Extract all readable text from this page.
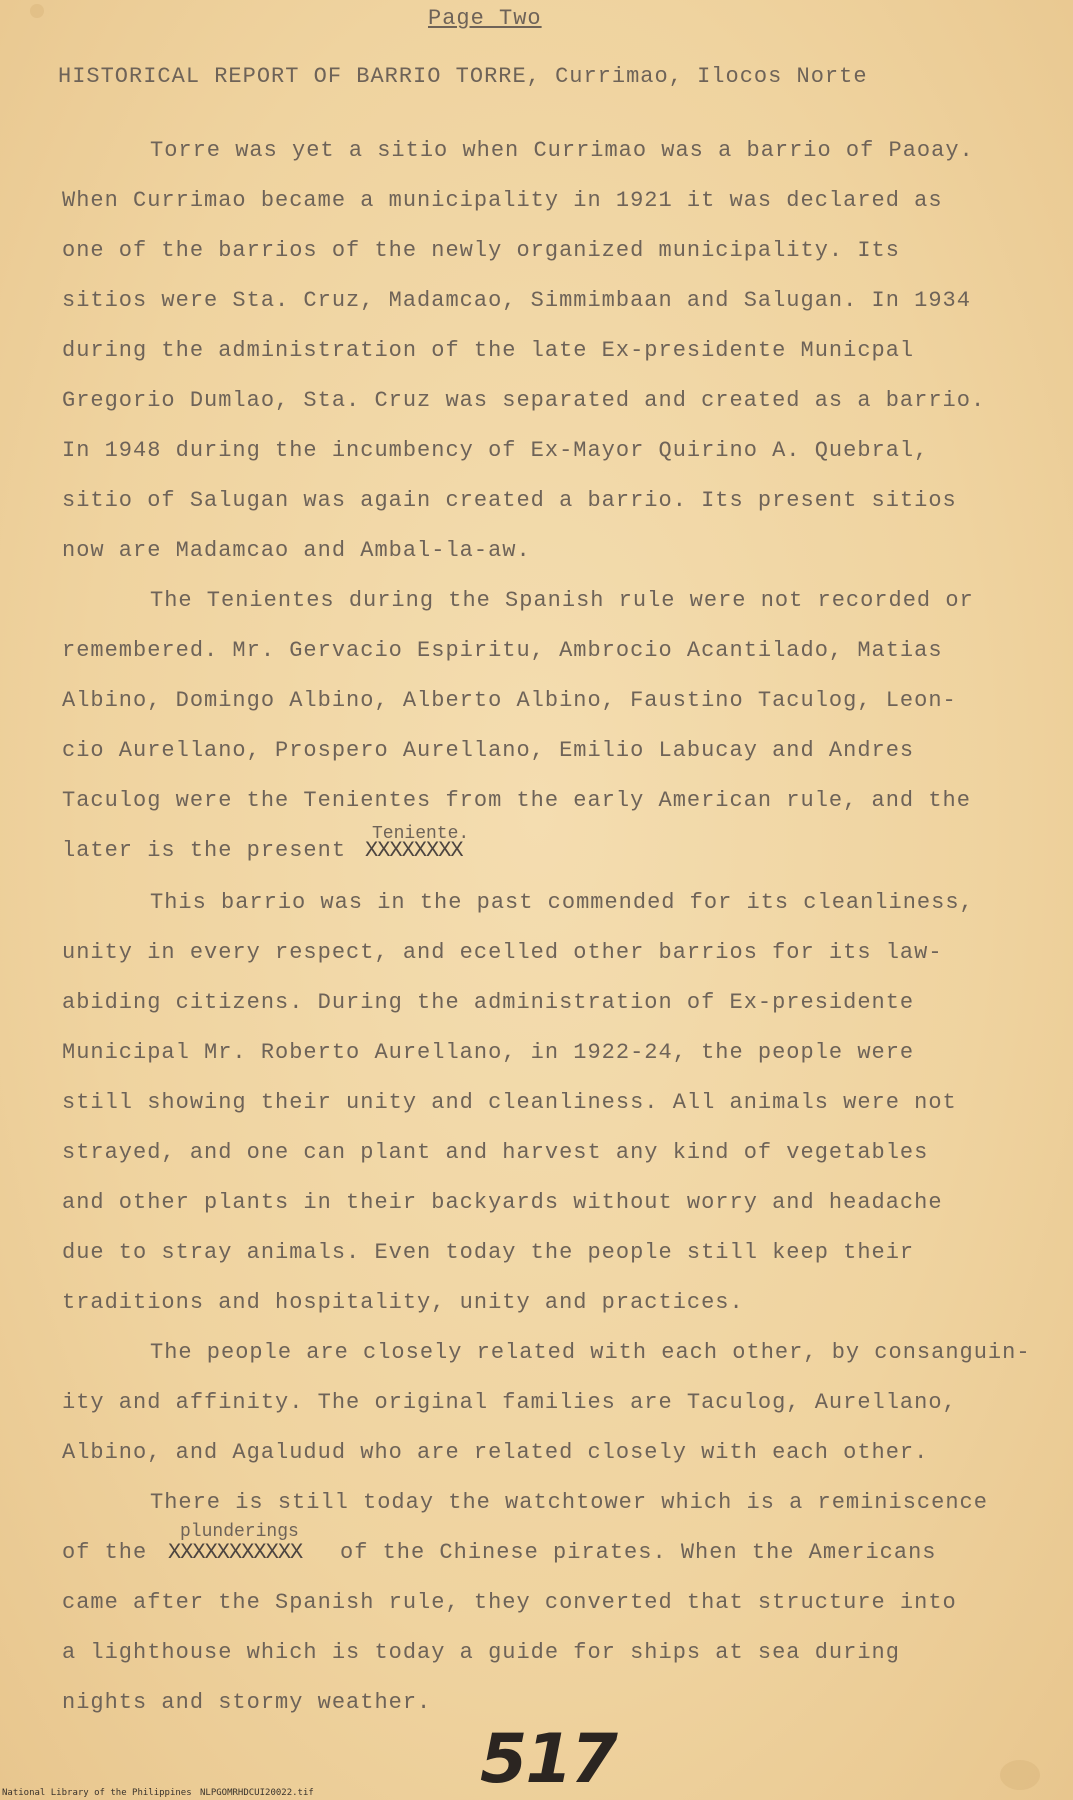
Page Two
HISTORICAL REPORT OF BARRIO TORRE, Currimao, Ilocos Norte
Torre was yet a sitio when Currimao was a barrio of Paoay.
When Currimao became a municipality in 1921 it was declared as
one of the barrios of the newly organized municipality. Its
sitios were Sta. Cruz, Madamcao, Simmimbaan and Salugan. In 1934
during the administration of the late Ex-presidente Municpal
Gregorio Dumlao, Sta. Cruz was separated and created as a barrio.
In 1948 during the incumbency of Ex-Mayor Quirino A. Quebral,
sitio of Salugan was again created a barrio. Its present sitios
now are Madamcao and Ambal-la-aw.
The Tenientes during the Spanish rule were not recorded or
remembered. Mr. Gervacio Espiritu, Ambrocio Acantilado, Matias
Albino, Domingo Albino, Alberto Albino, Faustino Taculog, Leon-
cio Aurellano, Prospero Aurellano, Emilio Labucay and Andres
Taculog were the Tenientes from the early American rule, and the
later is the present
Teniente.
XXXXXXXX
This barrio was in the past commended for its cleanliness,
unity in every respect, and ecelled other barrios for its law-
abiding citizens. During the administration of Ex-presidente
Municipal Mr. Roberto Aurellano, in 1922-24, the people were
still showing their unity and cleanliness. All animals were not
strayed, and one can plant and harvest any kind of vegetables
and other plants in their backyards without worry and headache
due to stray animals. Even today the people still keep their
traditions and hospitality, unity and practices.
The people are closely related with each other, by consanguin-
ity and affinity. The original families are Taculog, Aurellano,
Albino, and Agaludud who are related closely with each other.
There is still today the watchtower which is a reminiscence
of the
plunderings
XXXXXXXXXXX of the Chinese pirates. When the Americans
came after the Spanish rule, they converted that structure into
a lighthouse which is today a guide for ships at sea during
nights and stormy weather.
517
National Library of the Philippines NLPGOMRHDCUI20022.tif
